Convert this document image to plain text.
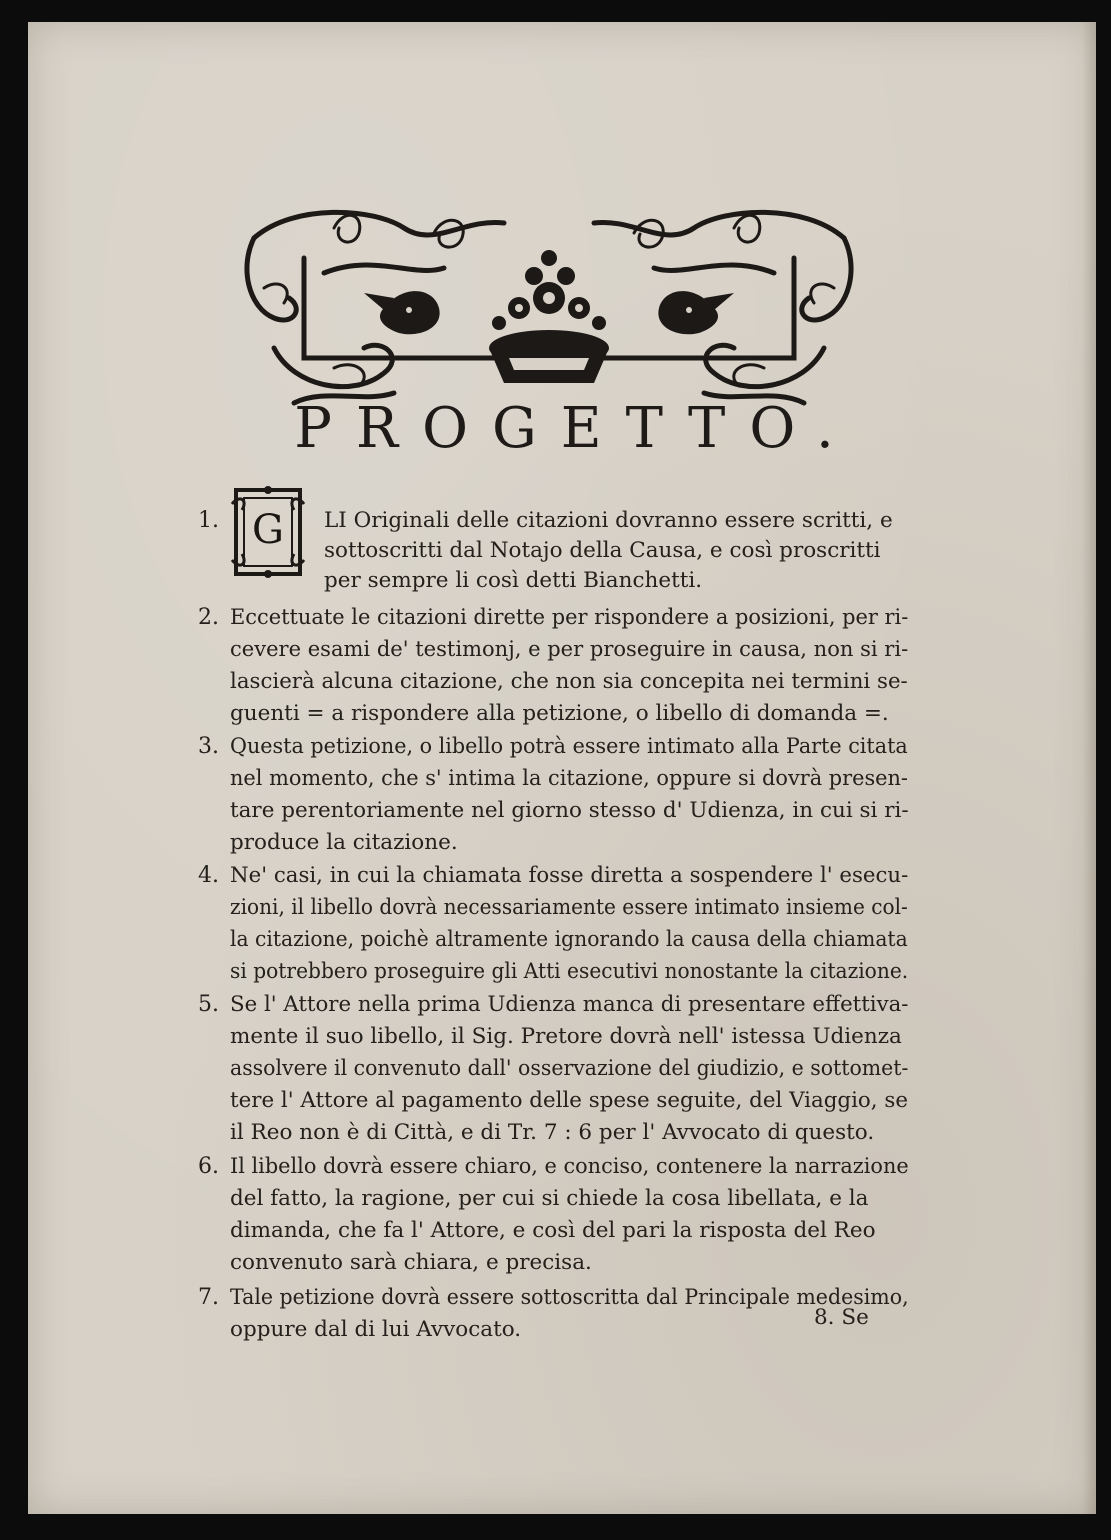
PROGETTO.
1. G	LI Originali delle citazioni dovranno essere scritti, e
sottoscritti dal Notajo della Causa, e così proscritti
per sempre li così detti Bianchetti.
2. Eccettuate le citazioni dirette per rispondere a posizioni, per ri-
cevere esami de' testimonj, e per proseguire in causa, non si ri-
lascierà alcuna citazione, che non sia concepita nei termini se-
guenti = a rispondere alla petizione, o libello di domanda =.
3. Questa petizione, o libello potrà essere intimato alla Parte citata
nel momento, che s' intima la citazione, oppure si dovrà presen-
tare perentoriamente nel giorno stesso d' Udienza, in cui si ri-
produce la citazione.
4. Ne' casi, in cui la chiamata fosse diretta a sospendere l' esecu-
zioni, il libello dovrà necessariamente essere intimato insieme col-
la citazione, poichè altramente ignorando la causa della chiamata
si potrebbero proseguire gli Atti esecutivi nonostante la citazione.
5. Se l' Attore nella prima Udienza manca di presentare effettiva-
mente il suo libello, il Sig. Pretore dovrà nell' istessa Udienza
assolvere il convenuto dall' osservazione del giudizio, e sottomet-
tere l' Attore al pagamento delle spese seguite, del Viaggio, se
il Reo non è di Città, e di Tr. 7 : 6 per l' Avvocato di questo.
6. Il libello dovrà essere chiaro, e conciso, contenere la narrazione
del fatto, la ragione, per cui si chiede la cosa libellata, e la
dimanda, che fa l' Attore, e così del pari la risposta del Reo
convenuto sarà chiara, e precisa.
7. Tale petizione dovrà essere sottoscritta dal Principale medesimo,
oppure dal di lui Avvocato.	8. Se
